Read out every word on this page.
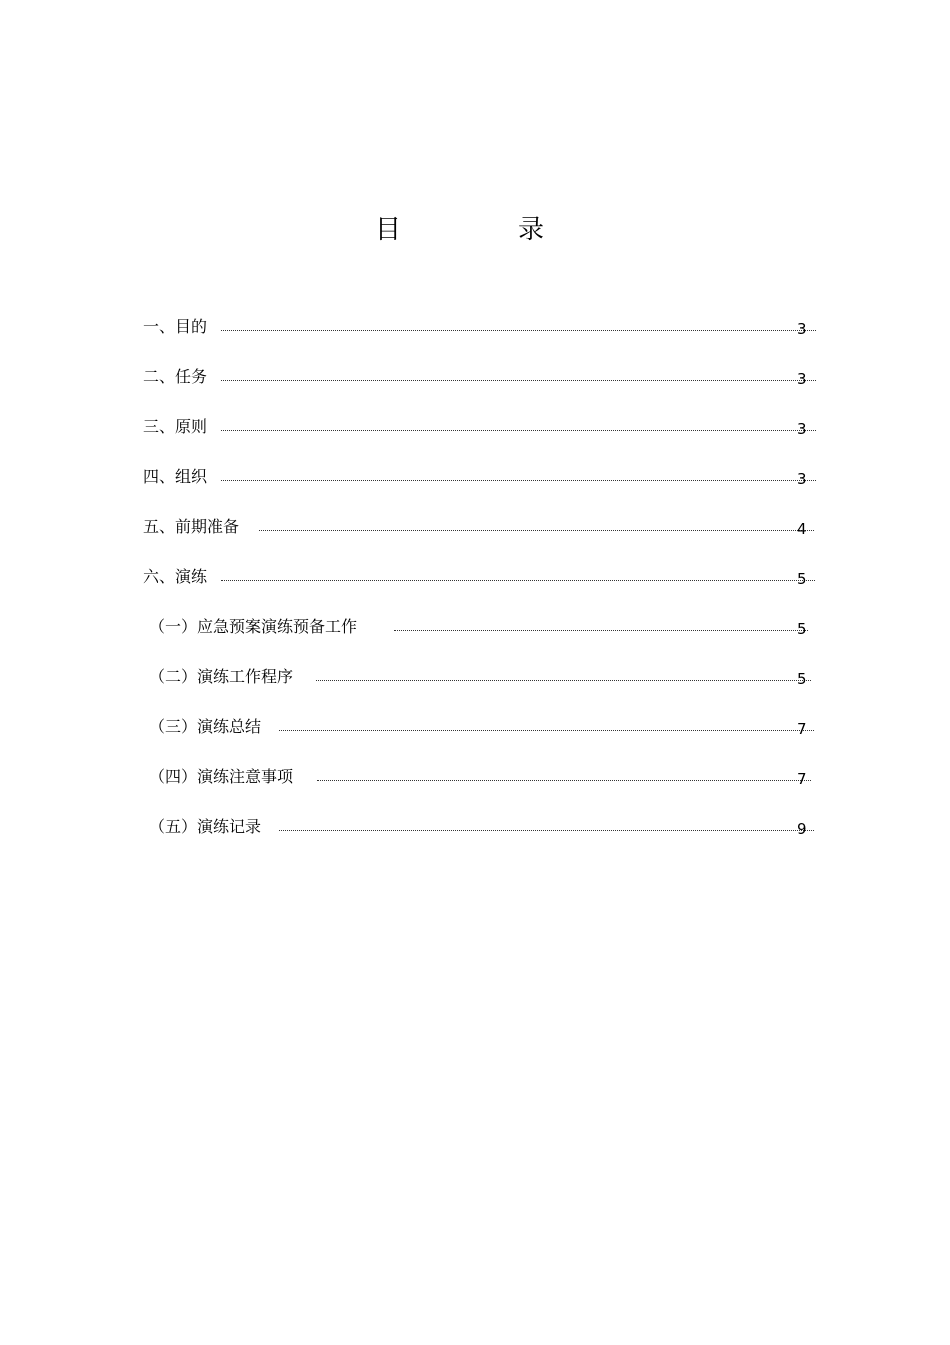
目	录
一、目的	3
二、任务	3
三、原则	3
四、组织	3
五、前期准备	4
六、演练	5
（一）应急预案演练预备工作	5
（二）演练工作程序	5
（三）演练总结	7
（四）演练注意事项	7
（五）演练记录	9
